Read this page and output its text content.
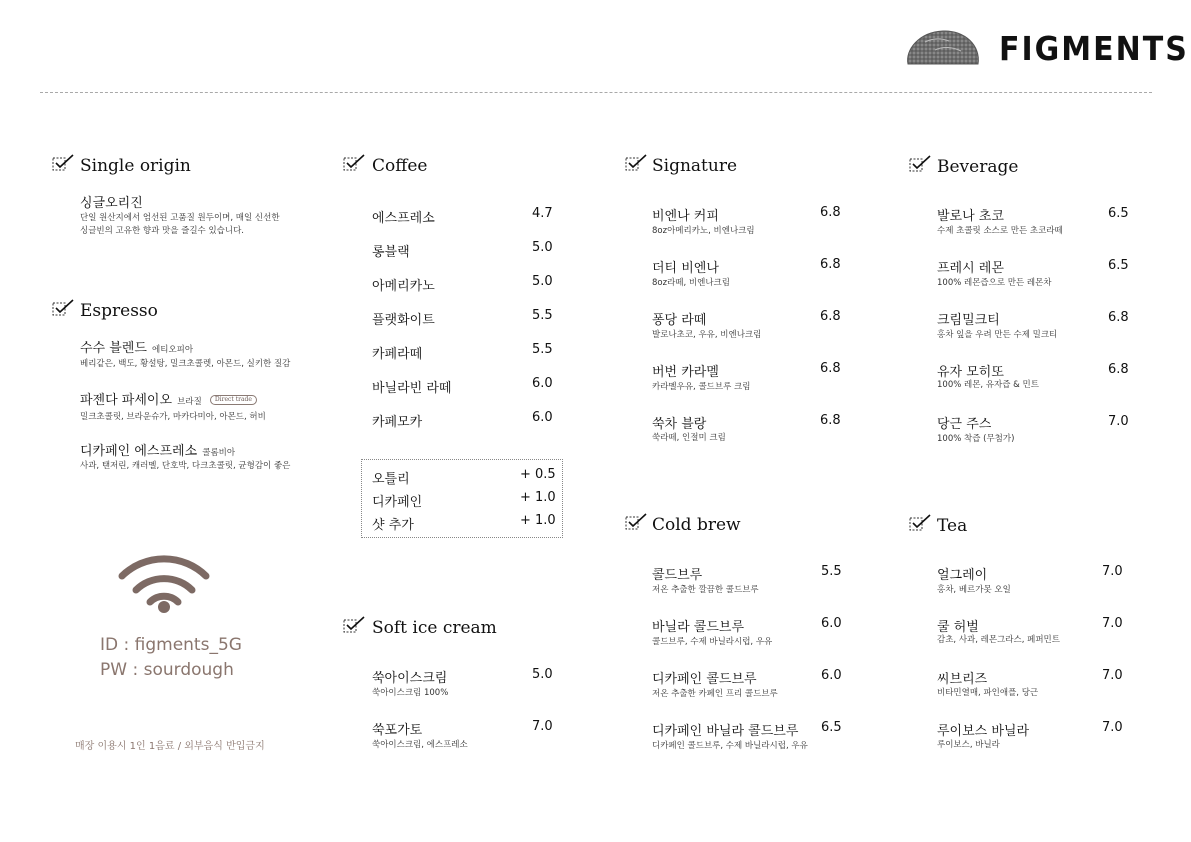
FIGMENTS
Single origin
싱글오리진
단일 원산지에서 엄선된 고품질 원두이며, 매일 신선한
싱글빈의 고유한 향과 맛을 즐길수 있습니다.
Espresso
수수 블렌드 에티오피아
베리같은, 백도, 황설탕, 밀크초콜렛, 아몬드, 실키한 질감
파젠다 파세이오 브라질 Direct trade
밀크초콜릿, 브라운슈가, 마카다미아, 아몬드, 허비
디카페인 에스프레소 콜롬비아
사과, 탠저린, 캐러멜, 단호박, 다크초콜릿, 균형감이 좋은
ID : figments_5G
PW : sourdough
매장 이용시 1인 1음료 / 외부음식 반입금지
Coffee
에스프레소	4.7
롱블랙	5.0
아메리카노	5.0
플랫화이트	5.5
카페라떼	5.5
바닐라빈 라떼	6.0
카페모카	6.0
오틀리	+ 0.5
디카페인	+ 1.0
샷 추가	+ 1.0
Soft ice cream
쑥아이스크림
쑥아이스크림 100%
5.0
쑥포가토
쑥아이스크림, 에스프레소
7.0
Signature
비엔나 커피
8oz아메리카노, 비엔나크림
6.8
더티 비엔나
8oz라떼, 비엔나크림
6.8
퐁당 라떼
발로나초코, 우유, 비엔나크림
6.8
버번 카라멜
카라멜우유, 콜드브루 크림
6.8
쑥차 블랑
쑥라떼, 인절미 크림
6.8
Cold brew
콜드브루
저온 추출한 깔끔한 콜드브루
5.5
바닐라 콜드브루
콜드브루, 수제 바닐라시럽, 우유
6.0
디카페인 콜드브루
저온 추출한 카페인 프리 콜드브루
6.0
디카페인 바닐라 콜드브루
디카페인 콜드브루, 수제 바닐라시럽, 우유
6.5
Beverage
발로나 초코
수제 초콜릿 소스로 만든 초코라떼
6.5
프레시 레몬
100% 레몬즙으로 만든 레몬차
6.5
크림밀크티
홍차 잎을 우려 만든 수제 밀크티
6.8
유자 모히또
100% 레몬, 유자즙 & 민트
6.8
당근 주스
100% 착즙 (무첨가)
7.0
Tea
얼그레이
홍차, 베르가못 오일
7.0
쿨 허벌
감초, 사과, 레몬그라스, 페퍼민트
7.0
씨브리즈
비타민열매, 파인애플, 당근
7.0
루이보스 바닐라
루이보스, 바닐라
7.0
